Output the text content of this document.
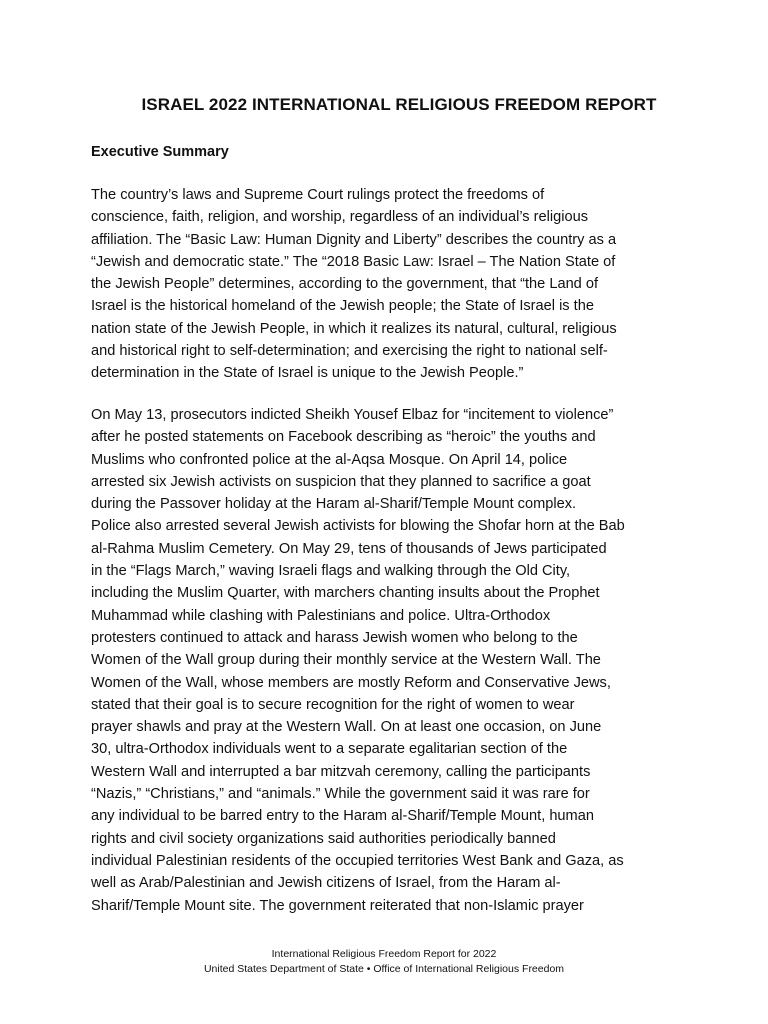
ISRAEL 2022 INTERNATIONAL RELIGIOUS FREEDOM REPORT
Executive Summary

The country’s laws and Supreme Court rulings protect the freedoms of
conscience, faith, religion, and worship, regardless of an individual’s religious
affiliation. The “Basic Law: Human Dignity and Liberty” describes the country as a
“Jewish and democratic state.” The “2018 Basic Law: Israel – The Nation State of
the Jewish People” determines, according to the government, that “the Land of
Israel is the historical homeland of the Jewish people; the State of Israel is the
nation state of the Jewish People, in which it realizes its natural, cultural, religious
and historical right to self-determination; and exercising the right to national self-
determination in the State of Israel is unique to the Jewish People.”

On May 13, prosecutors indicted Sheikh Yousef Elbaz for “incitement to violence”
after he posted statements on Facebook describing as “heroic” the youths and
Muslims who confronted police at the al-Aqsa Mosque. On April 14, police
arrested six Jewish activists on suspicion that they planned to sacrifice a goat
during the Passover holiday at the Haram al-Sharif/Temple Mount complex.
Police also arrested several Jewish activists for blowing the Shofar horn at the Bab
al-Rahma Muslim Cemetery. On May 29, tens of thousands of Jews participated
in the “Flags March,” waving Israeli flags and walking through the Old City,
including the Muslim Quarter, with marchers chanting insults about the Prophet
Muhammad while clashing with Palestinians and police. Ultra-Orthodox
protesters continued to attack and harass Jewish women who belong to the
Women of the Wall group during their monthly service at the Western Wall. The
Women of the Wall, whose members are mostly Reform and Conservative Jews,
stated that their goal is to secure recognition for the right of women to wear
prayer shawls and pray at the Western Wall. On at least one occasion, on June
30, ultra-Orthodox individuals went to a separate egalitarian section of the
Western Wall and interrupted a bar mitzvah ceremony, calling the participants
“Nazis,” “Christians,” and “animals.” While the government said it was rare for
any individual to be barred entry to the Haram al-Sharif/Temple Mount, human
rights and civil society organizations said authorities periodically banned
individual Palestinian residents of the occupied territories West Bank and Gaza, as
well as Arab/Palestinian and Jewish citizens of Israel, from the Haram al-
Sharif/Temple Mount site. The government reiterated that non-Islamic prayer

International Religious Freedom Report for 2022
United States Department of State • Office of International Religious Freedom
